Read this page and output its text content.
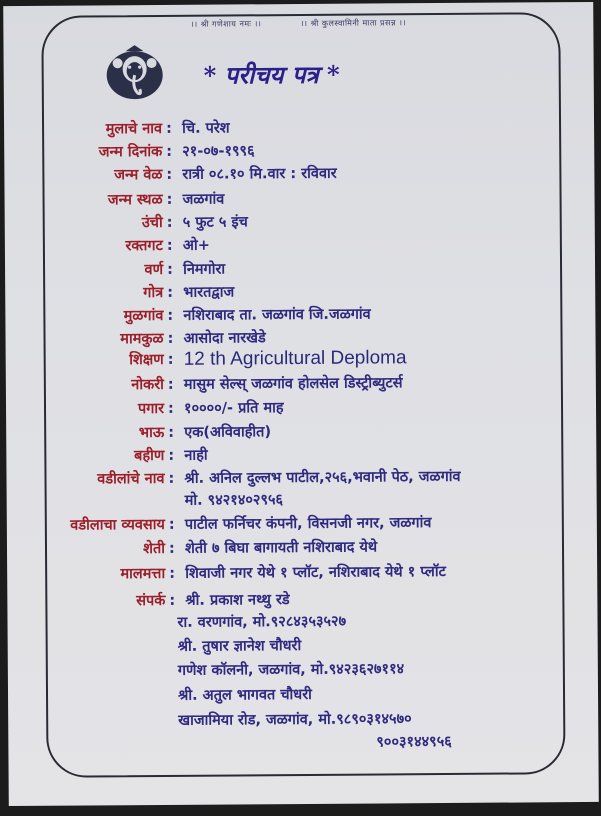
।। श्री गणेशाय नमः ।।	।। श्री कुलस्वामिनी माता प्रसन्न ।।
* परीचय पत्र *
मुलाचे नाव : चि. परेश
जन्म दिनांक : २१-०७-१९९६
जन्म वेळ : रात्री ०८.१० मि.वार : रविवार
जन्म स्थळ : जळगांव
उंची : ५ फुट ५ इंच
रक्तगट : ओ+
वर्ण : निमगोरा
गोत्र : भारतद्वाज
मुळगांव : नशिराबाद ता. जळगांव जि.जळगांव
मामकुळ : आसोदा नारखेडे
शिक्षण : 12 th Agricultural Deploma
नोकरी : मासुम सेल्स् जळगांव होलसेल डिस्ट्रीब्युटर्स
पगार : १००००/- प्रति माह
भाऊ : एक(अविवाहीत)
बहीण : नाही
वडीलांचे नाव : श्री. अनिल दुल्लभ पाटील,२५६,भवानी पेठ, जळगांव
मो. ९४२१४०२९५६
वडीलाचा व्यवसाय : पाटील फर्निचर कंपनी, विसनजी नगर, जळगांव
शेती : शेती ७ बिघा बागायती नशिराबाद येथे
मालमत्ता : शिवाजी नगर येथे १ प्लॉट, नशिराबाद येथे १ प्लॉट
संपर्क : श्री. प्रकाश नथ्थु रडे
रा. वरणगांव, मो.९२८४३५३५२७
श्री. तुषार ज्ञानेश चौधरी
गणेश कॉलनी, जळगांव, मो.९४२३६२७११४
श्री. अतुल भागवत चौधरी
खाजामिया रोड, जळगांव, मो.९८९०३१४५७०
९००३१४४९५६
